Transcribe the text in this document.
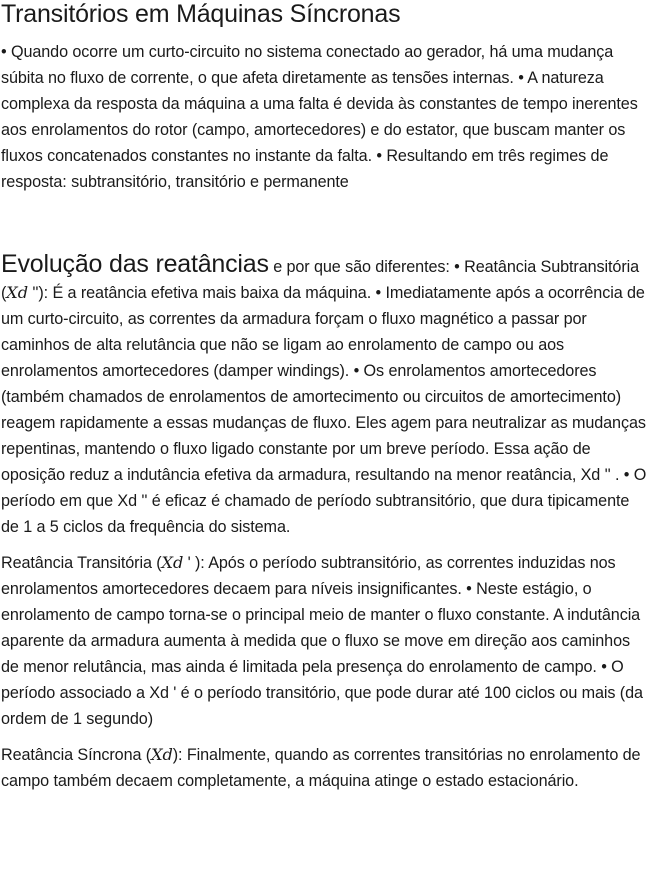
Transitórios em Máquinas Síncronas

• Quando ocorre um curto-circuito no sistema conectado ao gerador, há uma mudança súbita no fluxo de corrente, o que afeta diretamente as tensões internas. • A natureza complexa da resposta da máquina a uma falta é devida às constantes de tempo inerentes aos enrolamentos do rotor (campo, amortecedores) e do estator, que buscam manter os fluxos concatenados constantes no instante da falta. • Resultando em três regimes de resposta: subtransitório, transitório e permanente

Evolução das reatâncias e por que são diferentes: • Reatância Subtransitória (Xd ''): É a reatância efetiva mais baixa da máquina. • Imediatamente após a ocorrência de um curto-circuito, as correntes da armadura forçam o fluxo magnético a passar por caminhos de alta relutância que não se ligam ao enrolamento de campo ou aos enrolamentos amortecedores (damper windings). • Os enrolamentos amortecedores (também chamados de enrolamentos de amortecimento ou circuitos de amortecimento) reagem rapidamente a essas mudanças de fluxo. Eles agem para neutralizar as mudanças repentinas, mantendo o fluxo ligado constante por um breve período. Essa ação de oposição reduz a indutância efetiva da armadura, resultando na menor reatância, Xd '' . • O período em que Xd '' é eficaz é chamado de período subtransitório, que dura tipicamente de 1 a 5 ciclos da frequência do sistema.

Reatância Transitória (Xd ' ): Após o período subtransitório, as correntes induzidas nos enrolamentos amortecedores decaem para níveis insignificantes. • Neste estágio, o enrolamento de campo torna-se o principal meio de manter o fluxo constante. A indutância aparente da armadura aumenta à medida que o fluxo se move em direção aos caminhos de menor relutância, mas ainda é limitada pela presença do enrolamento de campo. • O período associado a Xd ' é o período transitório, que pode durar até 100 ciclos ou mais (da ordem de 1 segundo)

Reatância Síncrona (Xd): Finalmente, quando as correntes transitórias no enrolamento de campo também decaem completamente, a máquina atinge o estado estacionário.
